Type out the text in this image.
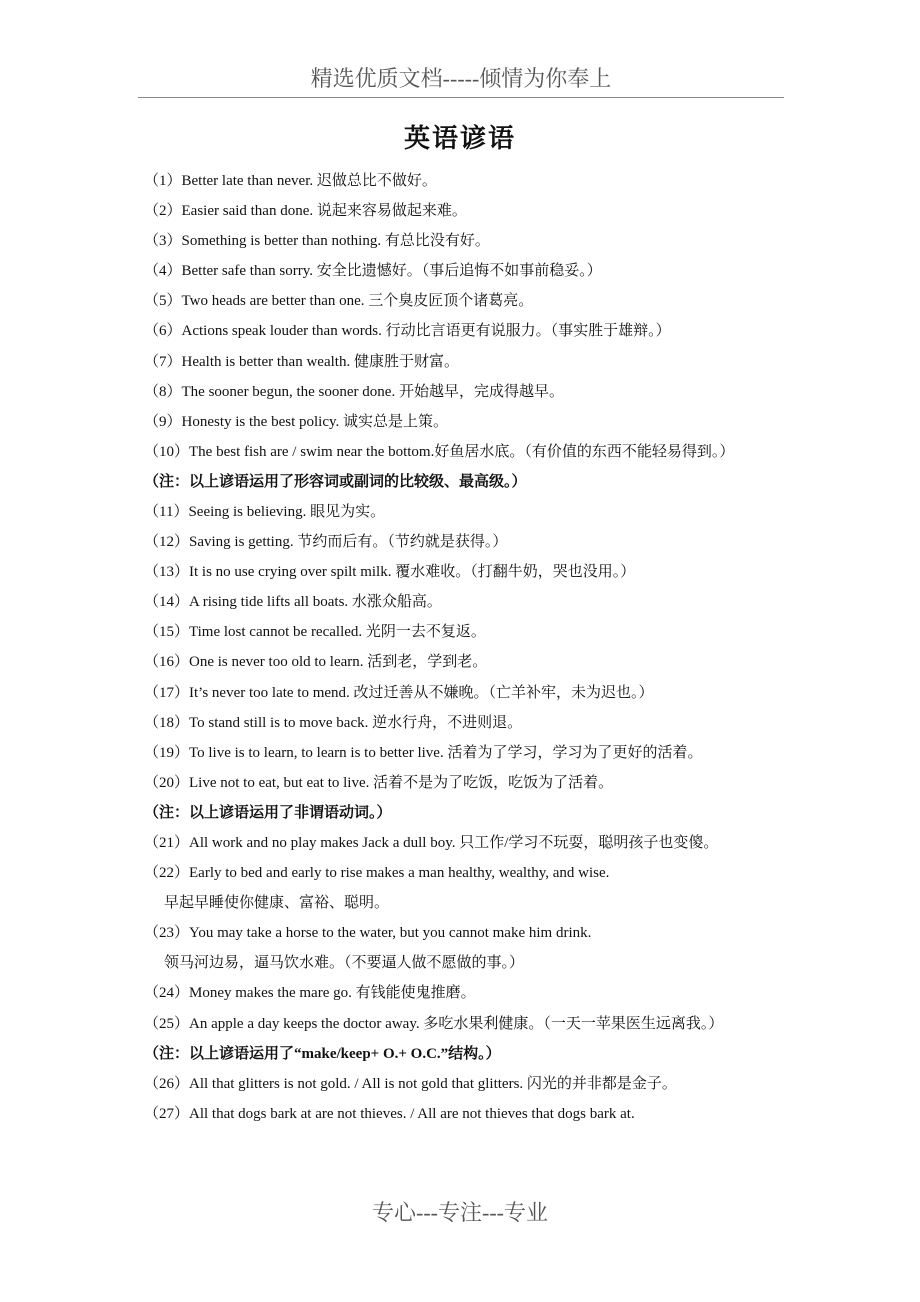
精选优质文档-----倾情为你奉上
英语谚语
（1）Better late than never. 迟做总比不做好。
（2）Easier said than done. 说起来容易做起来难。
（3）Something is better than nothing. 有总比没有好。
（4）Better safe than sorry. 安全比遗憾好。（事后追悔不如事前稳妥。）
（5）Two heads are better than one. 三个臭皮匠顶个诸葛亮。
（6）Actions speak louder than words. 行动比言语更有说服力。（事实胜于雄辩。）
（7）Health is better than wealth. 健康胜于财富。
（8）The sooner begun, the sooner done. 开始越早，完成得越早。
（9）Honesty is the best policy. 诚实总是上策。
（10）The best fish are / swim near the bottom.好鱼居水底。（有价值的东西不能轻易得到。）
（注：以上谚语运用了形容词或副词的比较级、最高级。）
（11）Seeing is believing. 眼见为实。
（12）Saving is getting. 节约而后有。（节约就是获得。）
（13）It is no use crying over spilt milk. 覆水难收。（打翻牛奶，哭也没用。）
（14）A rising tide lifts all boats. 水涨众船高。
（15）Time lost cannot be recalled. 光阴一去不复返。
（16）One is never too old to learn. 活到老，学到老。
（17）It’s never too late to mend. 改过迁善从不嫌晚。（亡羊补牢，未为迟也。）
（18）To stand still is to move back. 逆水行舟，不进则退。
（19）To live is to learn, to learn is to better live. 活着为了学习，学习为了更好的活着。
（20）Live not to eat, but eat to live. 活着不是为了吃饭，吃饭为了活着。
（注：以上谚语运用了非谓语动词。）
（21）All work and no play makes Jack a dull boy. 只工作/学习不玩耍，聪明孩子也变傻。
（22）Early to bed and early to rise makes a man healthy, wealthy, and wise.
早起早睡使你健康、富裕、聪明。
（23）You may take a horse to the water, but you cannot make him drink.
领马河边易，逼马饮水难。（不要逼人做不愿做的事。）
（24）Money makes the mare go. 有钱能使鬼推磨。
（25）An apple a day keeps the doctor away. 多吃水果利健康。（一天一苹果医生远离我。）
（注：以上谚语运用了“make/keep+ O.+ O.C.”结构。）
（26）All that glitters is not gold. / All is not gold that glitters. 闪光的并非都是金子。
（27）All that dogs bark at are not thieves. / All are not thieves that dogs bark at.
专心---专注---专业
